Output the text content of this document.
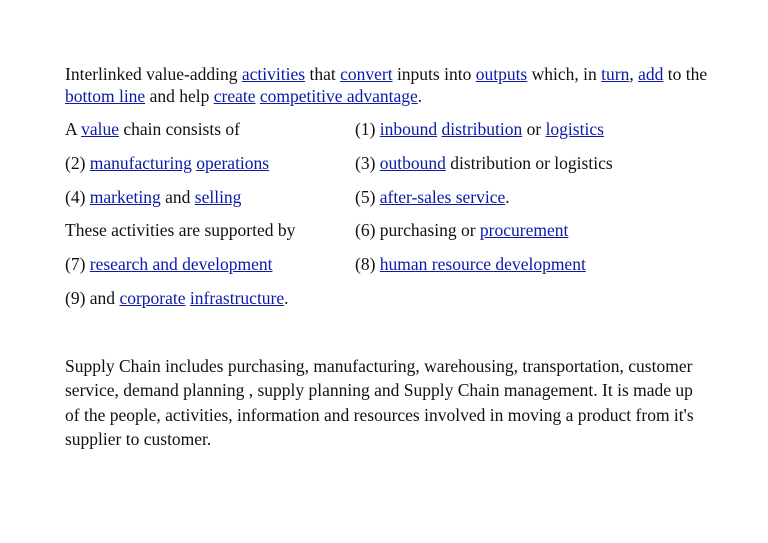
Interlinked value-adding activities that convert inputs into outputs which, in turn, add to the bottom line and help create competitive advantage.
A value chain consists of	(1) inbound distribution or logistics
(2) manufacturing operations	(3) outbound distribution or logistics
(4) marketing and selling	(5) after-sales service.
These activities are supported by	(6) purchasing or procurement
(7) research and development	(8) human resource development
(9) and corporate infrastructure.
Supply Chain includes purchasing, manufacturing, warehousing, transportation, customer service, demand planning , supply planning and Supply Chain management. It is made up of the people, activities, information and resources involved in moving a product from it's supplier to customer.
